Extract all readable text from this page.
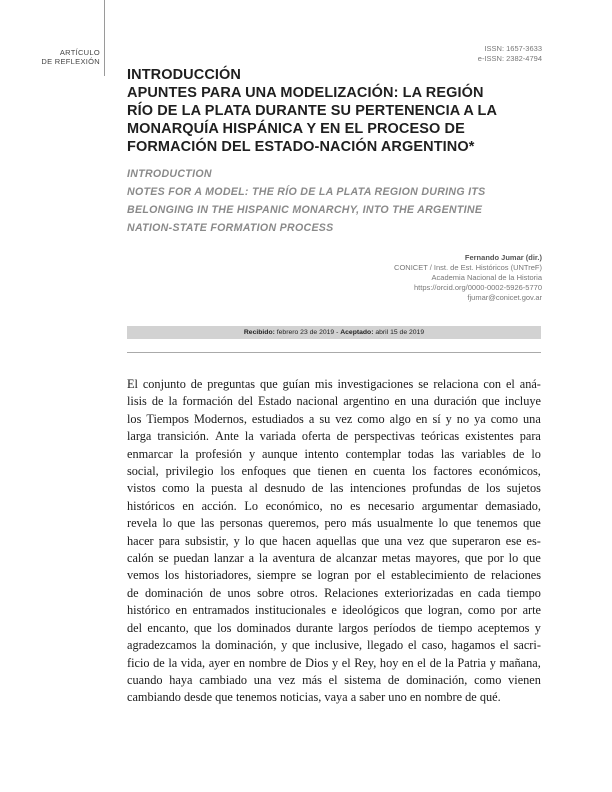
ARTÍCULO
DE REFLEXIÓN
ISSN: 1657-3633
e-ISSN: 2382-4794
INTRODUCCIÓN
APUNTES PARA UNA MODELIZACIÓN: LA REGIÓN
RÍO DE LA PLATA DURANTE SU PERTENENCIA A LA
MONARQUÍA HISPÁNICA Y EN EL PROCESO DE
FORMACIÓN DEL ESTADO-NACIÓN ARGENTINO*
INTRODUCTION
NOTES FOR A MODEL: THE RÍO DE LA PLATA REGION DURING ITS
BELONGING IN THE HISPANIC MONARCHY, INTO THE ARGENTINE
NATION-STATE FORMATION PROCESS
Fernando Jumar (dir.)
CONICET / Inst. de Est. Históricos (UNTreF)
Academia Nacional de la Historia
https://orcid.org/0000-0002-5926-5770
fjumar@conicet.gov.ar
Recibido: febrero 23 de 2019 - Aceptado: abril 15 de 2019
El conjunto de preguntas que guían mis investigaciones se relaciona con el aná-
lisis de la formación del Estado nacional argentino en una duración que incluye
los Tiempos Modernos, estudiados a su vez como algo en sí y no ya como una
larga transición. Ante la variada oferta de perspectivas teóricas existentes para
enmarcar la profesión y aunque intento contemplar todas las variables de lo
social, privilegio los enfoques que tienen en cuenta los factores económicos,
vistos como la puesta al desnudo de las intenciones profundas de los sujetos
históricos en acción. Lo económico, no es necesario argumentar demasiado,
revela lo que las personas queremos, pero más usualmente lo que tenemos que
hacer para subsistir, y lo que hacen aquellas que una vez que superaron ese es-
calón se puedan lanzar a la aventura de alcanzar metas mayores, que por lo que
vemos los historiadores, siempre se logran por el establecimiento de relaciones
de dominación de unos sobre otros. Relaciones exteriorizadas en cada tiempo
histórico en entramados institucionales e ideológicos que logran, como por arte
del encanto, que los dominados durante largos períodos de tiempo aceptemos y
agradezcamos la dominación, y que inclusive, llegado el caso, hagamos el sacri-
ficio de la vida, ayer en nombre de Dios y el Rey, hoy en el de la Patria y mañana,
cuando haya cambiado una vez más el sistema de dominación, como vienen
cambiando desde que tenemos noticias, vaya a saber uno en nombre de qué.
